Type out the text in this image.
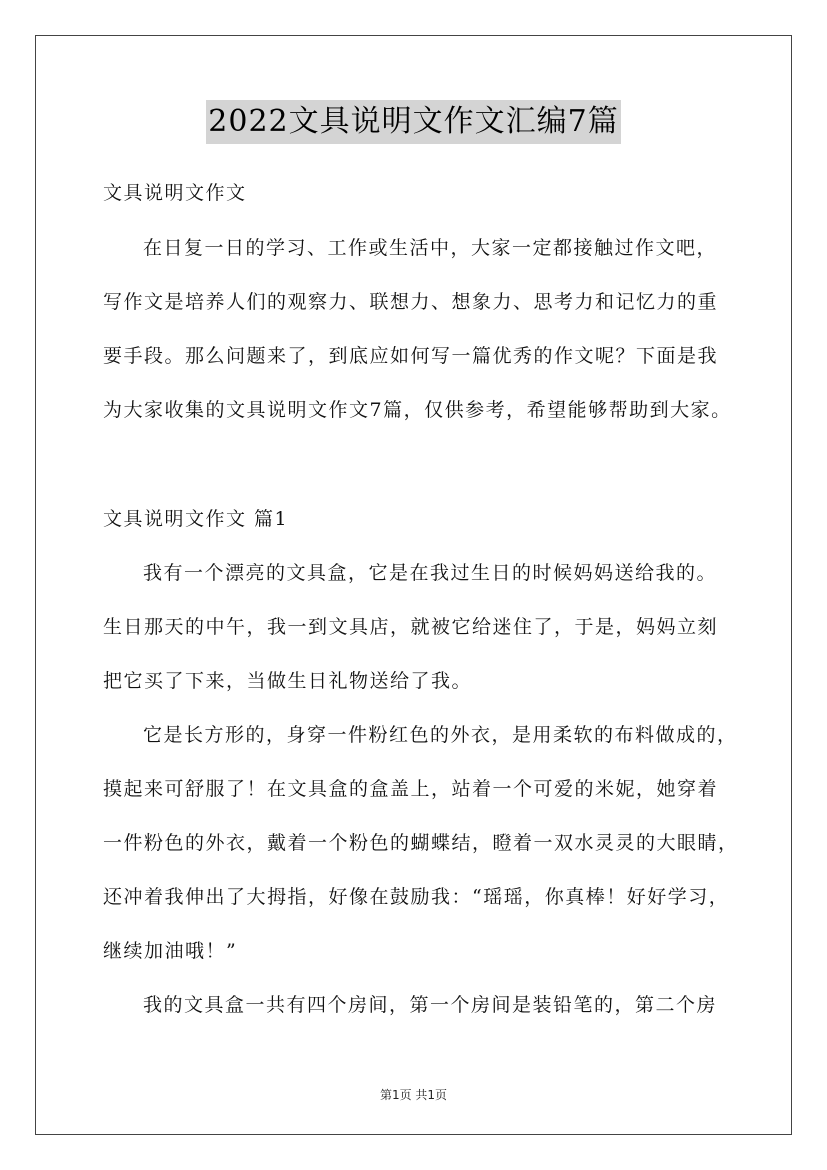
2022文具说明文作文汇编7篇
文具说明文作文
在日复一日的学习、工作或生活中，大家一定都接触过作文吧，
写作文是培养人们的观察力、联想力、想象力、思考力和记忆力的重
要手段。那么问题来了，到底应如何写一篇优秀的作文呢？下面是我
为大家收集的文具说明文作文7篇，仅供参考，希望能够帮助到大家。
文具说明文作文 篇1
我有一个漂亮的文具盒，它是在我过生日的时候妈妈送给我的。
生日那天的中午，我一到文具店，就被它给迷住了，于是，妈妈立刻
把它买了下来，当做生日礼物送给了我。
它是长方形的，身穿一件粉红色的外衣，是用柔软的布料做成的，
摸起来可舒服了！在文具盒的盒盖上，站着一个可爱的米妮，她穿着
一件粉色的外衣，戴着一个粉色的蝴蝶结，瞪着一双水灵灵的大眼睛，
还冲着我伸出了大拇指，好像在鼓励我：“瑶瑶，你真棒！好好学习，
继续加油哦！”
我的文具盒一共有四个房间，第一个房间是装铅笔的，第二个房
第1页 共1页
